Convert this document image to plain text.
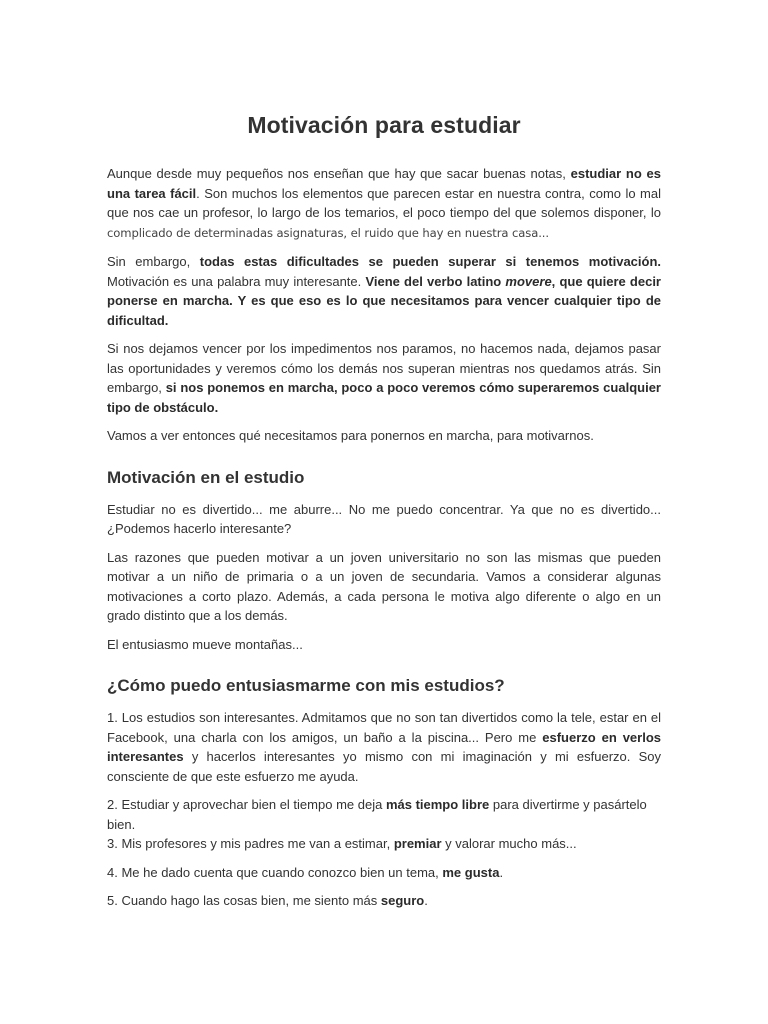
Motivación para estudiar

Aunque desde muy pequeños nos enseñan que hay que sacar buenas notas, estudiar no es una tarea fácil. Son muchos los elementos que parecen estar en nuestra contra, como lo mal que nos cae un profesor, lo largo de los temarios, el poco tiempo del que solemos disponer, lo complicado de determinadas asignaturas, el ruido que hay en nuestra casa...

Sin embargo, todas estas dificultades se pueden superar si tenemos motivación. Motivación es una palabra muy interesante. Viene del verbo latino movere, que quiere decir ponerse en marcha. Y es que eso es lo que necesitamos para vencer cualquier tipo de dificultad.

Si nos dejamos vencer por los impedimentos nos paramos, no hacemos nada, dejamos pasar las oportunidades y veremos cómo los demás nos superan mientras nos quedamos atrás. Sin embargo, si nos ponemos en marcha, poco a poco veremos cómo superaremos cualquier tipo de obstáculo.

Vamos a ver entonces qué necesitamos para ponernos en marcha, para motivarnos.

Motivación en el estudio

Estudiar no es divertido... me aburre... No me puedo concentrar. Ya que no es divertido... ¿Podemos hacerlo interesante?

Las razones que pueden motivar a un joven universitario no son las mismas que pueden motivar a un niño de primaria o a un joven de secundaria. Vamos a considerar algunas motivaciones a corto plazo. Además, a cada persona le motiva algo diferente o algo en un grado distinto que a los demás.

El entusiasmo mueve montañas...

¿Cómo puedo entusiasmarme con mis estudios?

1. Los estudios son interesantes. Admitamos que no son tan divertidos como la tele, estar en el Facebook, una charla con los amigos, un baño a la piscina... Pero me esfuerzo en verlos interesantes y hacerlos interesantes yo mismo con mi imaginación y mi esfuerzo. Soy consciente de que este esfuerzo me ayuda.

2. Estudiar y aprovechar bien el tiempo me deja más tiempo libre para divertirme y pasártelo bien.

3. Mis profesores y mis padres me van a estimar, premiar y valorar mucho más...

4. Me he dado cuenta que cuando conozco bien un tema, me gusta.

5. Cuando hago las cosas bien, me siento más seguro.
